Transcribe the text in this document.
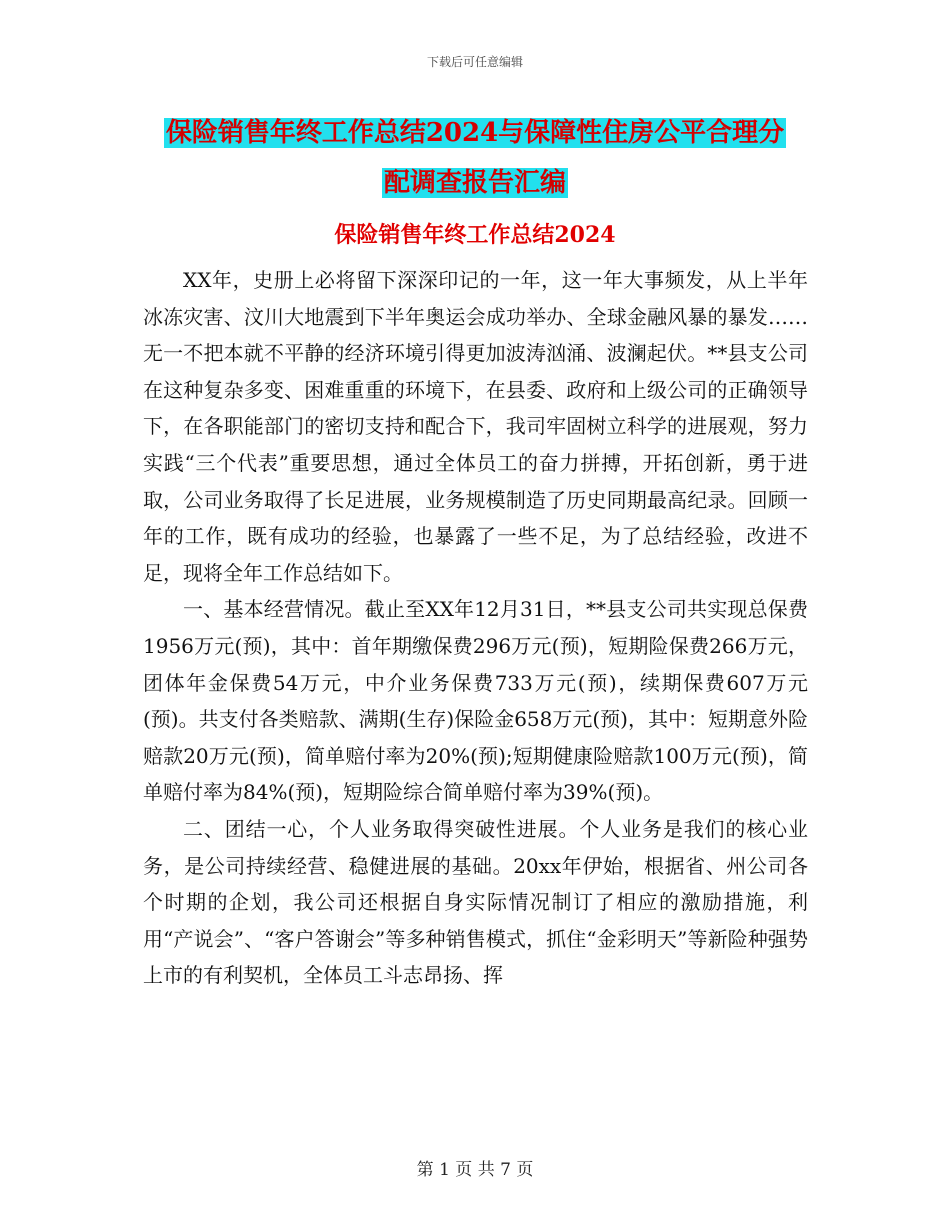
下载后可任意编辑
保险销售年终工作总结2024与保障性住房公平合理分
配调查报告汇编
保险销售年终工作总结2024

XX年，史册上必将留下深深印记的一年，这一年大事频发，从上半年冰冻灾害、汶川大地震到下半年奥运会成功举办、全球金融风暴的暴发……无一不把本就不平静的经济环境引得更加波涛汹涌、波澜起伏。**县支公司在这种复杂多变、困难重重的环境下，在县委、政府和上级公司的正确领导下，在各职能部门的密切支持和配合下，我司牢固树立科学的进展观，努力实践“三个代表”重要思想，通过全体员工的奋力拼搏，开拓创新，勇于进取，公司业务取得了长足进展，业务规模制造了历史同期最高纪录。回顾一年的工作，既有成功的经验，也暴露了一些不足，为了总结经验，改进不足，现将全年工作总结如下。

一、基本经营情况。截止至XX年12月31日，**县支公司共实现总保费1956万元(预)，其中：首年期缴保费296万元(预)，短期险保费266万元，团体年金保费54万元，中介业务保费733万元(预)，续期保费607万元(预)。共支付各类赔款、满期(生存)保险金658万元(预)，其中：短期意外险赔款20万元(预)，简单赔付率为20%(预);短期健康险赔款100万元(预)，简单赔付率为84%(预)，短期险综合简单赔付率为39%(预)。

二、团结一心，个人业务取得突破性进展。个人业务是我们的核心业务，是公司持续经营、稳健进展的基础。20xx年伊始，根据省、州公司各个时期的企划，我公司还根据自身实际情况制订了相应的激励措施，利用“产说会”、“客户答谢会”等多种销售模式，抓住“金彩明天”等新险种强势上市的有利契机，全体员工斗志昂扬、挥

第 1 页 共 7 页
